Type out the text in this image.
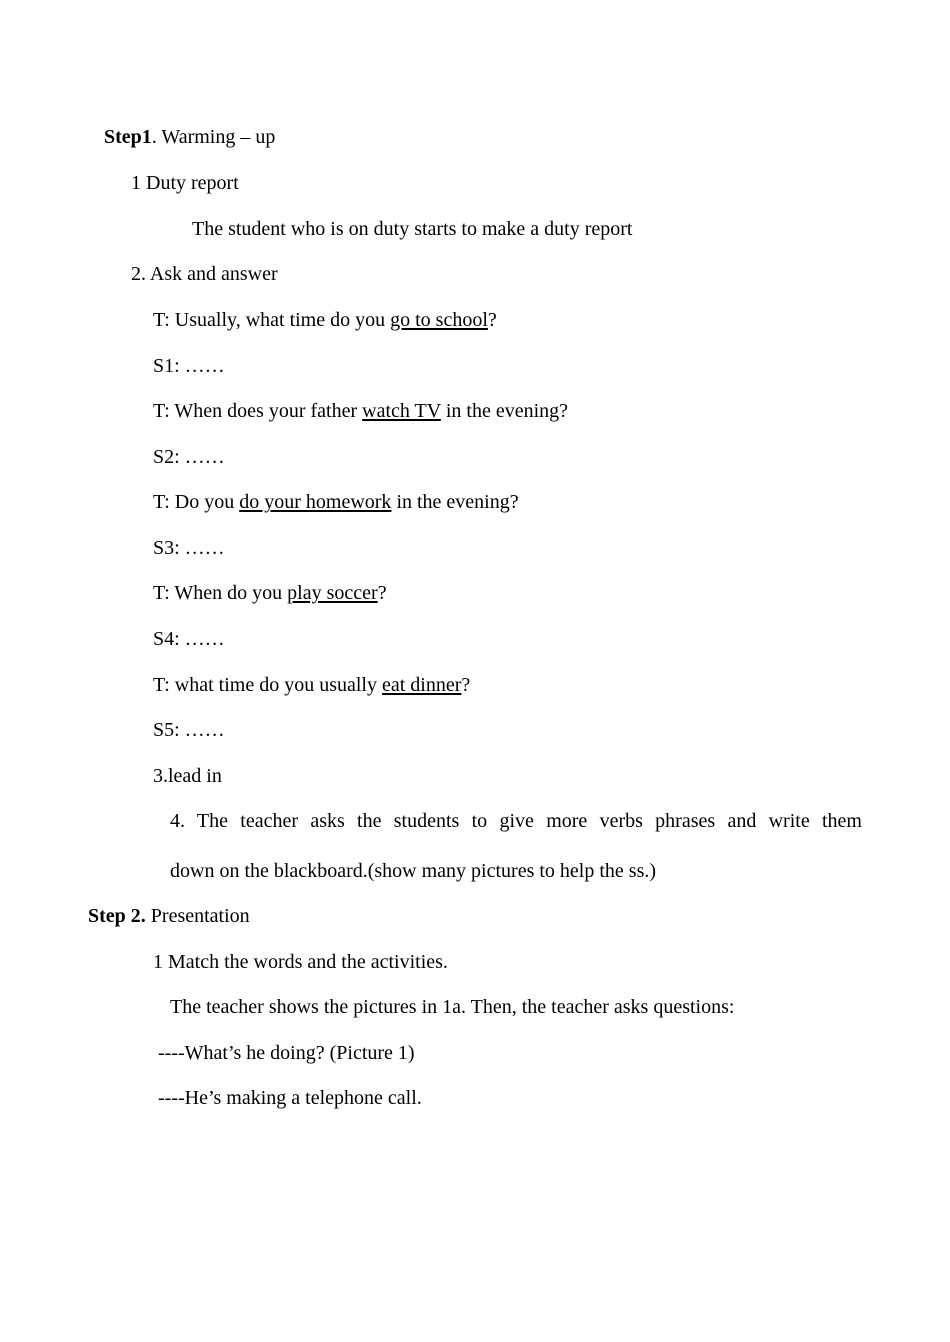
Step1. Warming – up
1 Duty report
The student who is on duty starts to make a duty report
2. Ask and answer
T: Usually, what time do you go to school?
S1: ……
T: When does your father watch TV in the evening?
S2: ……
T: Do you do your homework in the evening?
S3: ……
T: When do you play soccer?
S4: ……
T: what time do you usually eat dinner?
S5: ……
3.lead in
4. The teacher asks the students to give more verbs phrases and write them
down on the blackboard.(show many pictures to help the ss.)
Step 2. Presentation
1 Match the words and the activities.
The teacher shows the pictures in 1a. Then, the teacher asks questions:
----What’s he doing? (Picture 1)
----He’s making a telephone call.
